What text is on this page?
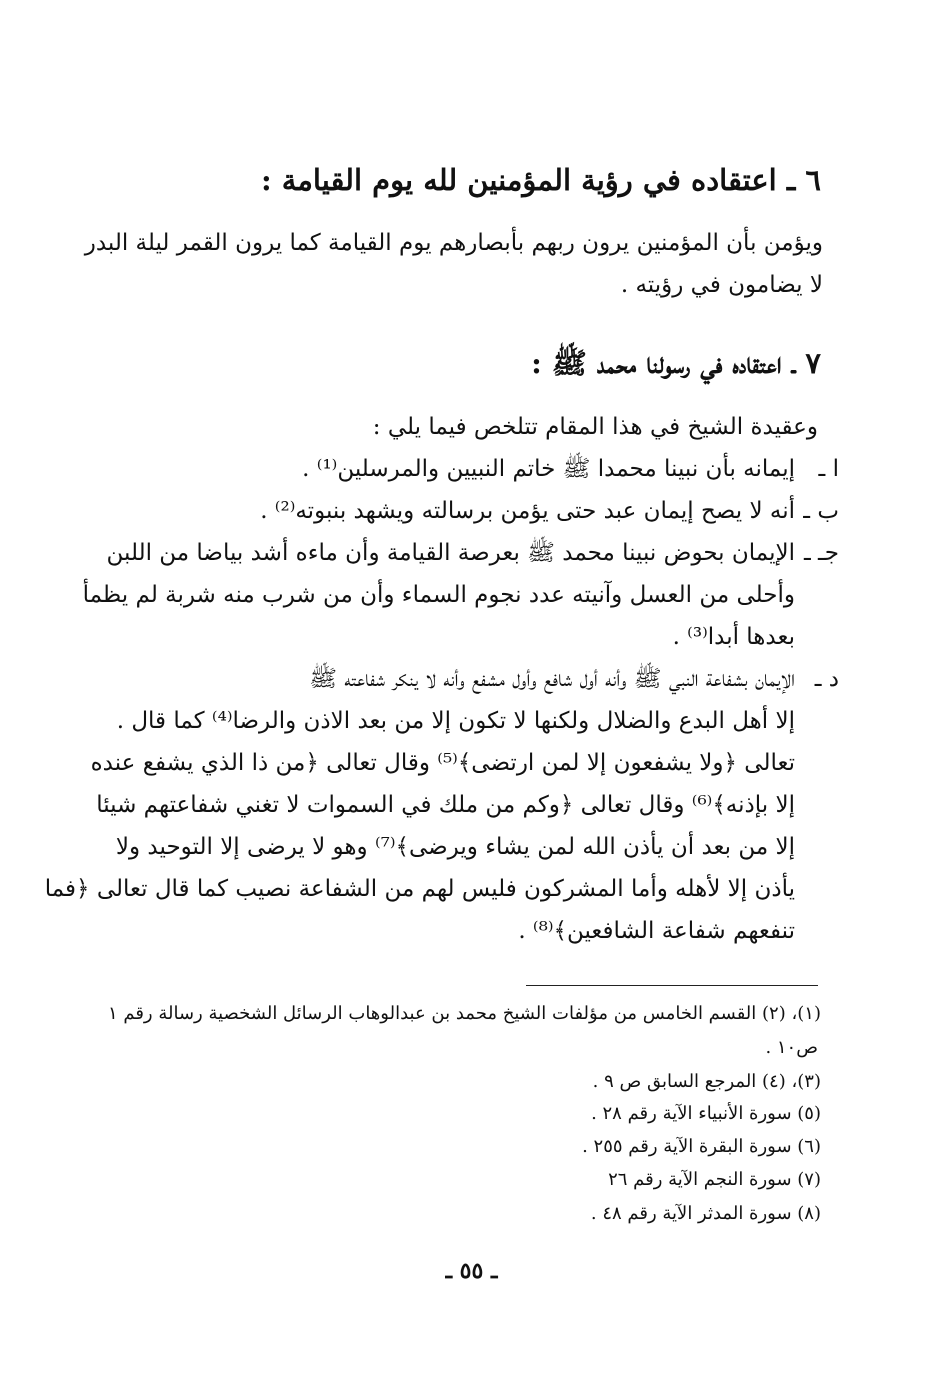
٦ ـ اعتقاده في رؤية المؤمنين لله يوم القيامة :
ويؤمن بأن المؤمنين يرون ربهم بأبصارهم يوم القيامة كما يرون القمر ليلة البدر
لا يضامون في رؤيته .
٧ ـ اعتقاده في رسولنا محمد ﷺ :
وعقيدة الشيخ في هذا المقام تتلخص فيما يلي :
ا ـ
إيمانه بأن نبينا محمدا ﷺ خاتم النبيين والمرسلين⁽¹⁾ .
ب ـ
أنه لا يصح إيمان عبد حتى يؤمن برسالته ويشهد بنبوته⁽²⁾ .
جـ ـ
الإيمان بحوض نبينا محمد ﷺ بعرصة القيامة وأن ماءه أشد بياضا من اللبن
وأحلى من العسل وآنيته عدد نجوم السماء وأن من شرب منه شربة لم يظمأ
بعدها أبدا⁽³⁾ .
د ـ
الإيمان بشفاعة النبي ﷺ وأنه أول شافع وأول مشفع وأنه لا ينكر شفاعته ﷺ
إلا أهل البدع والضلال ولكنها لا تكون إلا من بعد الاذن والرضا⁽⁴⁾ كما قال .
تعالى ﴿ولا يشفعون إلا لمن ارتضى﴾⁽⁵⁾ وقال تعالى ﴿من ذا الذي يشفع عنده
إلا بإذنه﴾⁽⁶⁾ وقال تعالى ﴿وكم من ملك في السموات لا تغني شفاعتهم شيئا
إلا من بعد أن يأذن الله لمن يشاء ويرضى﴾⁽⁷⁾ وهو لا يرضى إلا التوحيد ولا
يأذن إلا لأهله وأما المشركون فليس لهم من الشفاعة نصيب كما قال تعالى ﴿فما
تنفعهم شفاعة الشافعين﴾⁽⁸⁾ .
(١)، (٢) القسم الخامس من مؤلفات الشيخ محمد بن عبدالوهاب الرسائل الشخصية رسالة رقم ١
ص١٠ .
(٣)، (٤) المرجع السابق ص ٩ .
(٥) سورة الأنبياء الآية رقم ٢٨ .
(٦) سورة البقرة الآية رقم ٢٥٥ .
(٧) سورة النجم الآية رقم ٢٦
(٨) سورة المدثر الآية رقم ٤٨ .
ـ ٥٥ ـ
